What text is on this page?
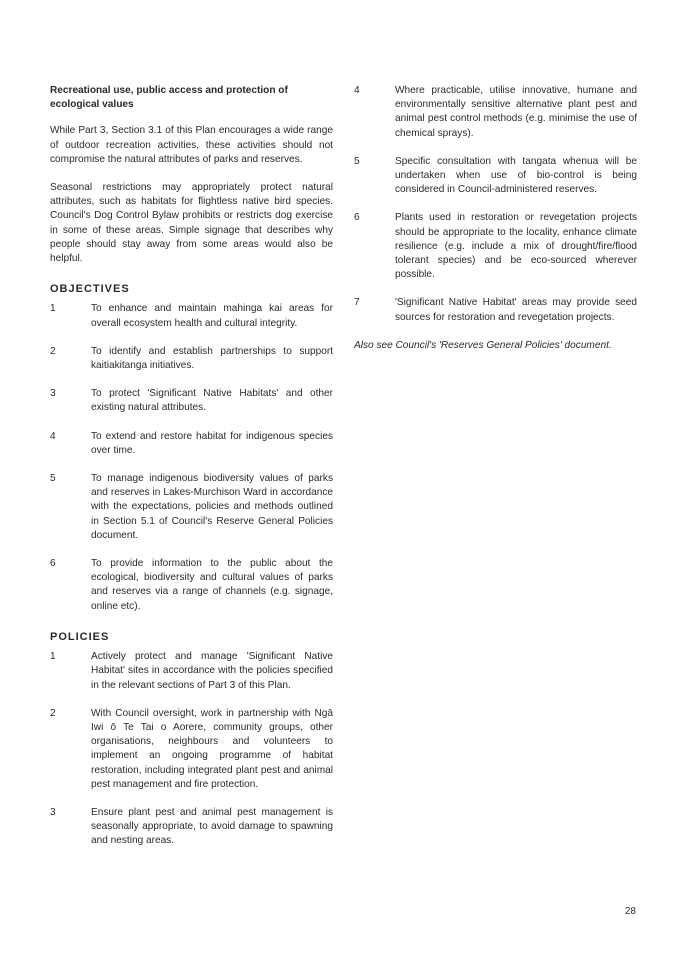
Recreational use, public access and protection of ecological values

While Part 3, Section 3.1 of this Plan encourages a wide range of outdoor recreation activities, these activities should not compromise the natural attributes of parks and reserves.

Seasonal restrictions may appropriately protect natural attributes, such as habitats for flightless native bird species. Council's Dog Control Bylaw prohibits or restricts dog exercise in some of these areas. Simple signage that describes why people should stay away from some areas would also be helpful.

OBJECTIVES
1	To enhance and maintain mahinga kai areas for overall ecosystem health and cultural integrity.
2	To identify and establish partnerships to support kaitiakitanga initiatives.
3	To protect 'Significant Native Habitats' and other existing natural attributes.
4	To extend and restore habitat for indigenous species over time.
5	To manage indigenous biodiversity values of parks and reserves in Lakes-Murchison Ward in accordance with the expectations, policies and methods outlined in Section 5.1 of Council's Reserve General Policies document.
6	To provide information to the public about the ecological, biodiversity and cultural values of parks and reserves via a range of channels (e.g. signage, online etc).
POLICIES
1	Actively protect and manage 'Significant Native Habitat' sites in accordance with the policies specified in the relevant sections of Part 3 of this Plan.
2	With Council oversight, work in partnership with Ngā Iwi ō Te Tai o Aorere, community groups, other organisations, neighbours and volunteers to implement an ongoing programme of habitat restoration, including integrated plant pest and animal pest management and fire protection.
3	Ensure plant pest and animal pest management is seasonally appropriate, to avoid damage to spawning and nesting areas.
4	Where practicable, utilise innovative, humane and environmentally sensitive alternative plant pest and animal pest control methods (e.g. minimise the use of chemical sprays).
5	Specific consultation with tangata whenua will be undertaken when use of bio-control is being considered in Council-administered reserves.
6	Plants used in restoration or revegetation projects should be appropriate to the locality, enhance climate resilience (e.g. include a mix of drought/fire/flood tolerant species) and be eco-sourced wherever possible.
7	'Significant Native Habitat' areas may provide seed sources for restoration and revegetation projects.
Also see Council's 'Reserves General Policies' document.
28
